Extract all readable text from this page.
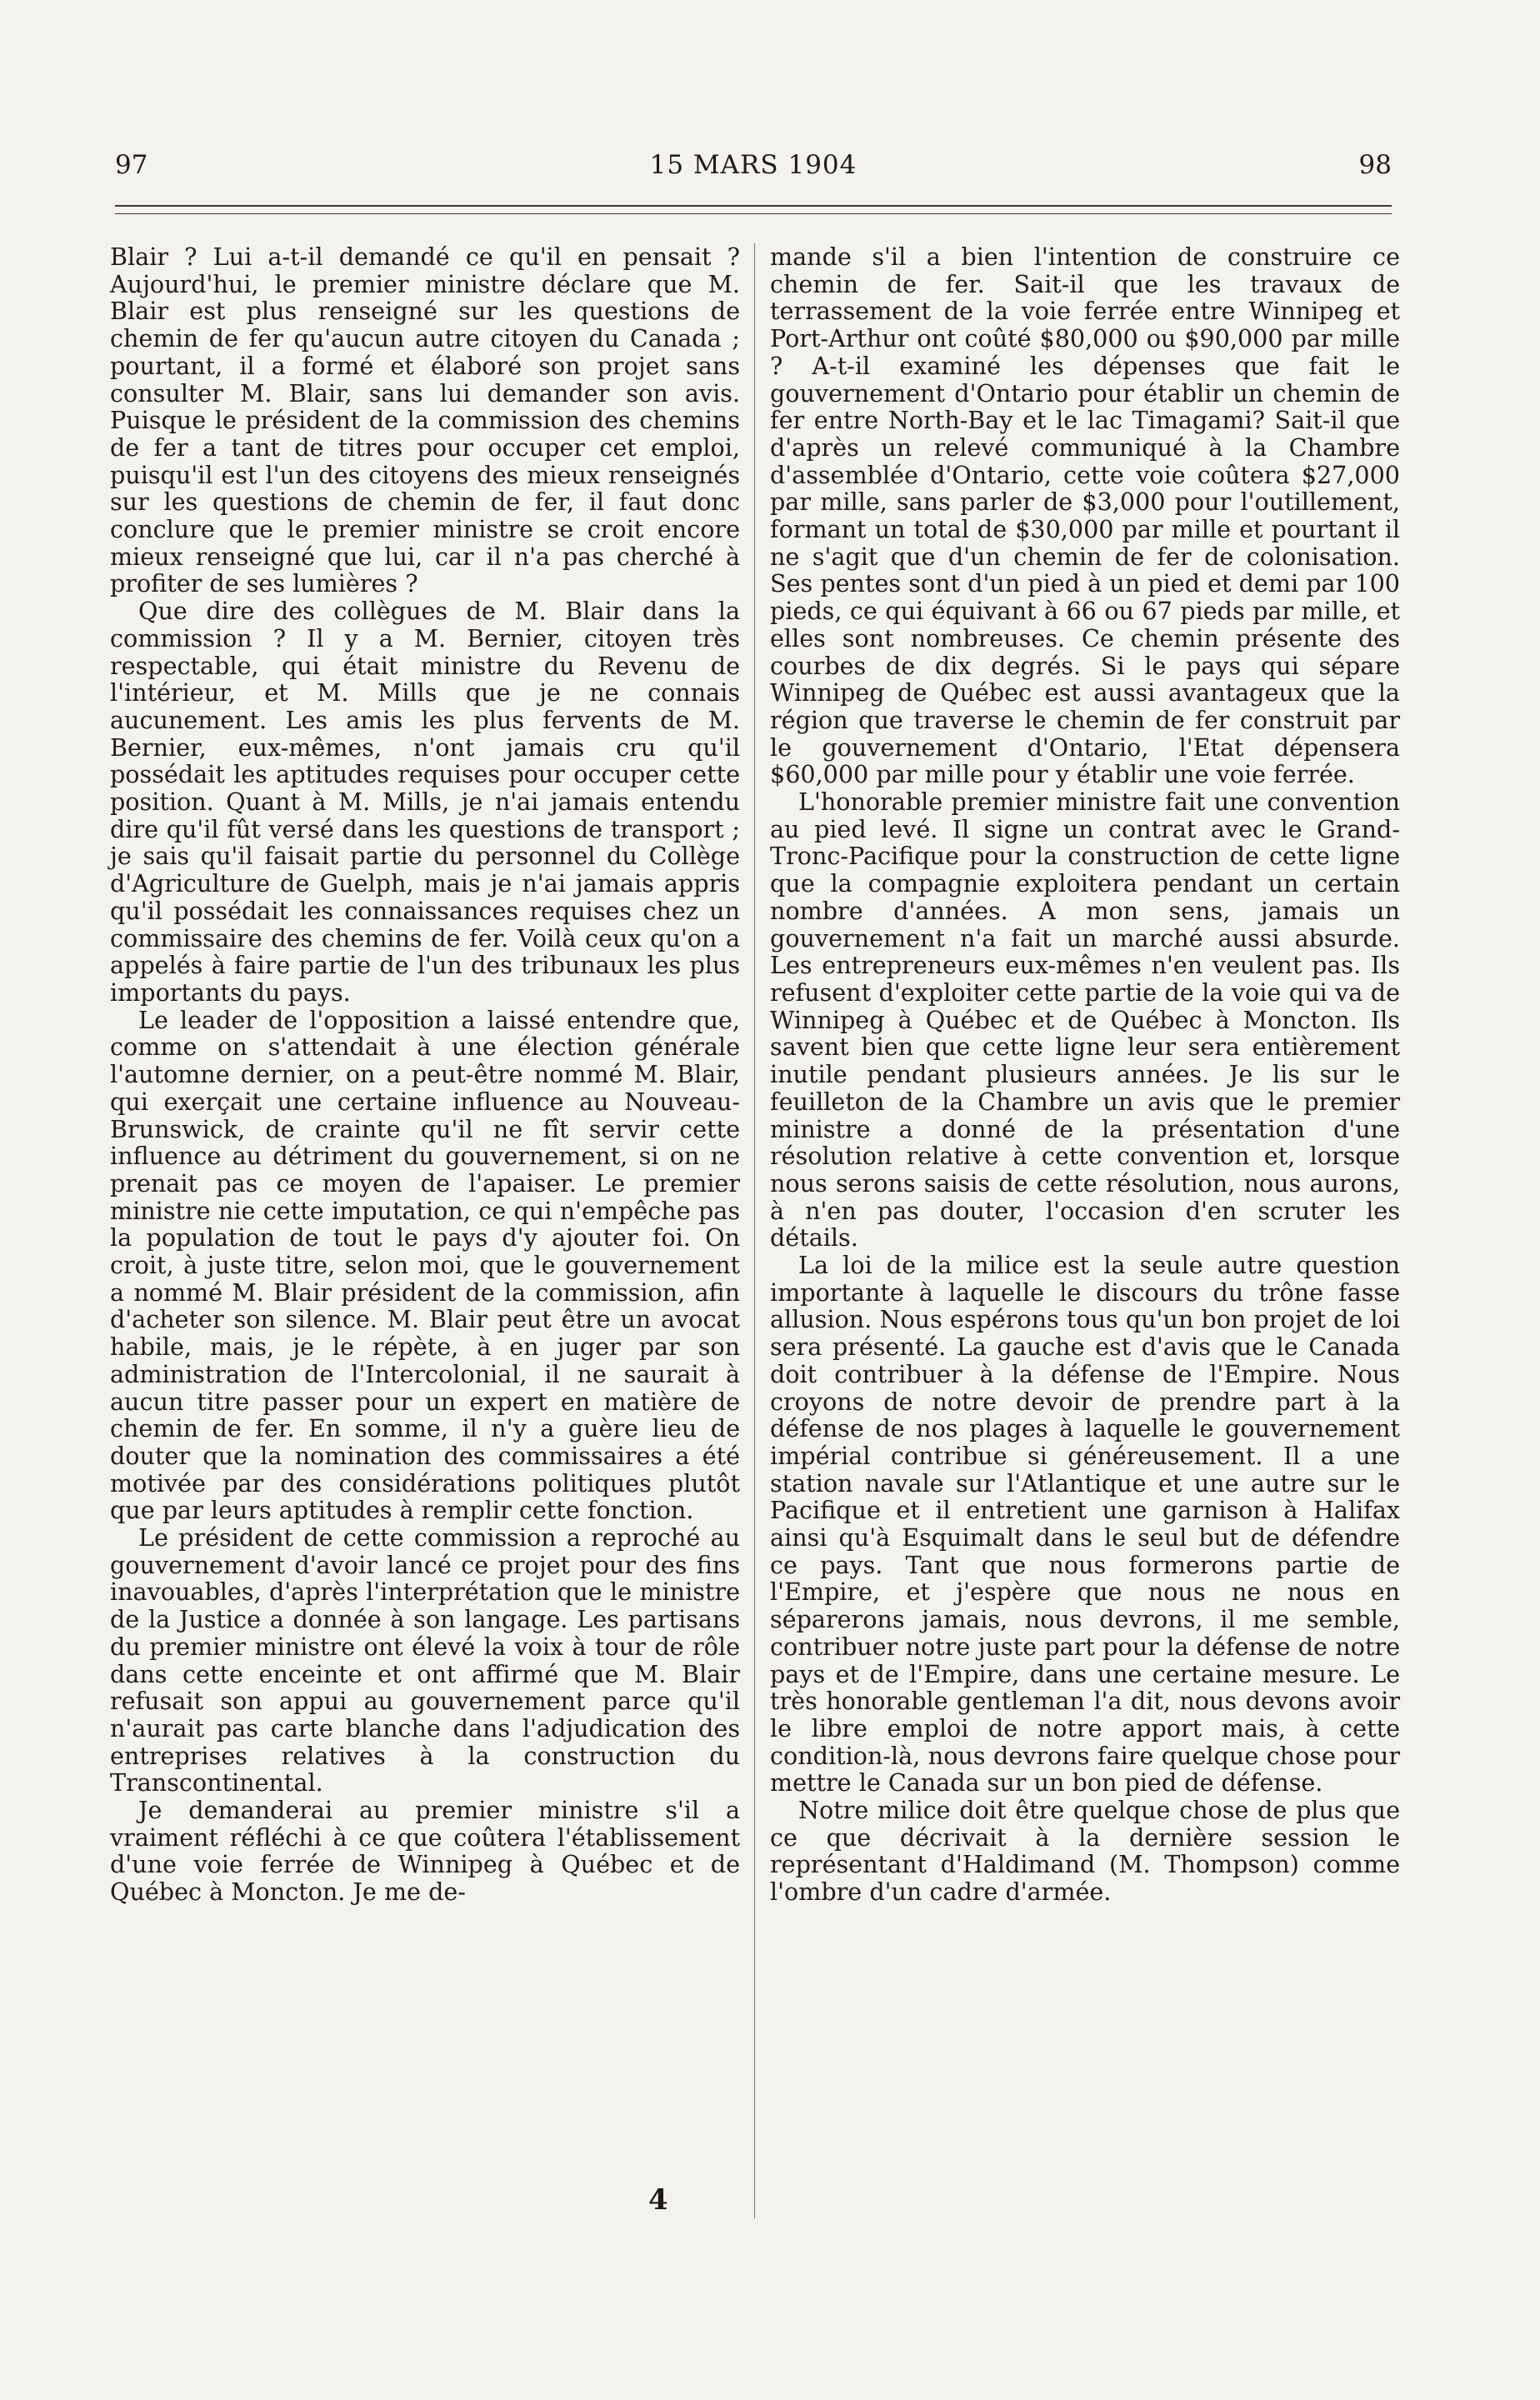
97	15 MARS 1904	98

Blair ? Lui a-t-il demandé ce qu'il en pensait ? Aujourd'hui, le premier ministre déclare que M. Blair est plus renseigné sur les questions de chemin de fer qu'aucun autre citoyen du Canada ; pourtant, il a formé et élaboré son projet sans consulter M. Blair, sans lui demander son avis. Puisque le président de la commission des chemins de fer a tant de titres pour occuper cet emploi, puisqu'il est l'un des citoyens des mieux renseignés sur les questions de chemin de fer, il faut donc conclure que le premier ministre se croit encore mieux renseigné que lui, car il n'a pas cherché à profiter de ses lumières ?

Que dire des collègues de M. Blair dans la commission ? Il y a M. Bernier, citoyen très respectable, qui était ministre du Revenu de l'intérieur, et M. Mills que je ne connais aucunement. Les amis les plus fervents de M. Bernier, eux-mêmes, n'ont jamais cru qu'il possédait les aptitudes requises pour occuper cette position. Quant à M. Mills, je n'ai jamais entendu dire qu'il fût versé dans les questions de transport ; je sais qu'il faisait partie du personnel du Collège d'Agriculture de Guelph, mais je n'ai jamais appris qu'il possédait les connaissances requises chez un commissaire des chemins de fer. Voilà ceux qu'on a appelés à faire partie de l'un des tribunaux les plus importants du pays.

Le leader de l'opposition a laissé entendre que, comme on s'attendait à une élection générale l'automne dernier, on a peut-être nommé M. Blair, qui exerçait une certaine influence au Nouveau-Brunswick, de crainte qu'il ne fît servir cette influence au détriment du gouvernement, si on ne prenait pas ce moyen de l'apaiser. Le premier ministre nie cette imputation, ce qui n'empêche pas la population de tout le pays d'y ajouter foi. On croit, à juste titre, selon moi, que le gouvernement a nommé M. Blair président de la commission, afin d'acheter son silence. M. Blair peut être un avocat habile, mais, je le répète, à en juger par son administration de l'Intercolonial, il ne saurait à aucun titre passer pour un expert en matière de chemin de fer. En somme, il n'y a guère lieu de douter que la nomination des commissaires a été motivée par des considérations politiques plutôt que par leurs aptitudes à remplir cette fonction.

Le président de cette commission a reproché au gouvernement d'avoir lancé ce projet pour des fins inavouables, d'après l'interprétation que le ministre de la Justice a donnée à son langage. Les partisans du premier ministre ont élevé la voix à tour de rôle dans cette enceinte et ont affirmé que M. Blair refusait son appui au gouvernement parce qu'il n'aurait pas carte blanche dans l'adjudication des entreprises relatives à la construction du Transcontinental.

Je demanderai au premier ministre s'il a vraiment réfléchi à ce que coûtera l'établissement d'une voie ferrée de Winnipeg à Québec et de Québec à Moncton. Je me de-

mande s'il a bien l'intention de construire ce chemin de fer. Sait-il que les travaux de terrassement de la voie ferrée entre Winnipeg et Port-Arthur ont coûté $80,000 ou $90,000 par mille ? A-t-il examiné les dépenses que fait le gouvernement d'Ontario pour établir un chemin de fer entre North-Bay et le lac Timagami? Sait-il que d'après un relevé communiqué à la Chambre d'assemblée d'Ontario, cette voie coûtera $27,000 par mille, sans parler de $3,000 pour l'outillement, formant un total de $30,000 par mille et pourtant il ne s'agit que d'un chemin de fer de colonisation. Ses pentes sont d'un pied à un pied et demi par 100 pieds, ce qui équivant à 66 ou 67 pieds par mille, et elles sont nombreuses. Ce chemin présente des courbes de dix degrés. Si le pays qui sépare Winnipeg de Québec est aussi avantageux que la région que traverse le chemin de fer construit par le gouvernement d'Ontario, l'Etat dépensera $60,000 par mille pour y établir une voie ferrée.

L'honorable premier ministre fait une convention au pied levé. Il signe un contrat avec le Grand-Tronc-Pacifique pour la construction de cette ligne que la compagnie exploitera pendant un certain nombre d'années. A mon sens, jamais un gouvernement n'a fait un marché aussi absurde. Les entrepreneurs eux-mêmes n'en veulent pas. Ils refusent d'exploiter cette partie de la voie qui va de Winnipeg à Québec et de Québec à Moncton. Ils savent bien que cette ligne leur sera entièrement inutile pendant plusieurs années. Je lis sur le feuilleton de la Chambre un avis que le premier ministre a donné de la présentation d'une résolution relative à cette convention et, lorsque nous serons saisis de cette résolution, nous aurons, à n'en pas douter, l'occasion d'en scruter les détails.

La loi de la milice est la seule autre question importante à laquelle le discours du trône fasse allusion. Nous espérons tous qu'un bon projet de loi sera présenté. La gauche est d'avis que le Canada doit contribuer à la défense de l'Empire. Nous croyons de notre devoir de prendre part à la défense de nos plages à laquelle le gouvernement impérial contribue si généreusement. Il a une station navale sur l'Atlantique et une autre sur le Pacifique et il entretient une garnison à Halifax ainsi qu'à Esquimalt dans le seul but de défendre ce pays. Tant que nous formerons partie de l'Empire, et j'espère que nous ne nous en séparerons jamais, nous devrons, il me semble, contribuer notre juste part pour la défense de notre pays et de l'Empire, dans une certaine mesure. Le très honorable gentleman l'a dit, nous devons avoir le libre emploi de notre apport mais, à cette condition-là, nous devrons faire quelque chose pour mettre le Canada sur un bon pied de défense.

Notre milice doit être quelque chose de plus que ce que décrivait à la dernière session le représentant d'Haldimand (M. Thompson) comme l'ombre d'un cadre d'armée.

4
